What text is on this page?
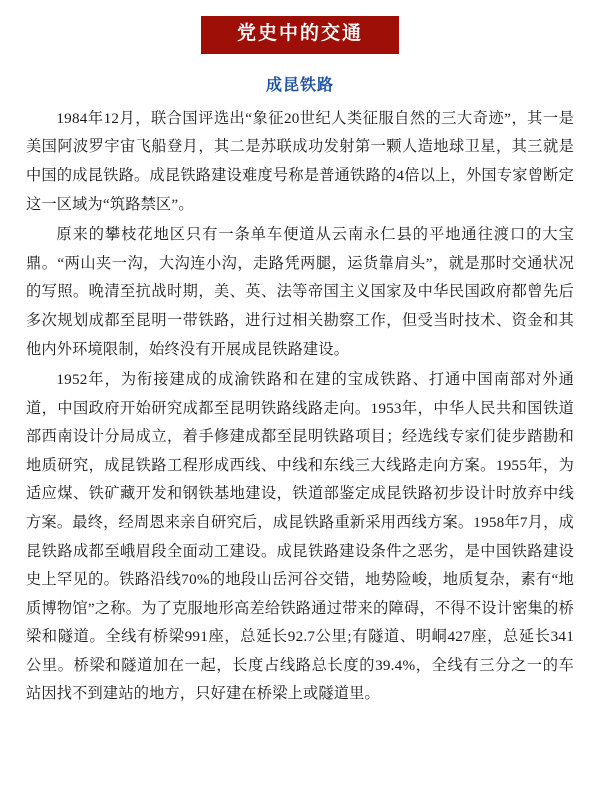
党史中的交通
成昆铁路

1984年12月，联合国评选出“象征20世纪人类征服自然的三大奇迹”，其一是美国阿波罗宇宙飞船登月，其二是苏联成功发射第一颗人造地球卫星，其三就是中国的成昆铁路。成昆铁路建设难度号称是普通铁路的4倍以上，外国专家曾断定这一区域为“筑路禁区”。

原来的攀枝花地区只有一条单车便道从云南永仁县的平地通往渡口的大宝鼎。“两山夹一沟，大沟连小沟，走路凭两腿，运货靠肩头”，就是那时交通状况的写照。晚清至抗战时期，美、英、法等帝国主义国家及中华民国政府都曾先后多次规划成都至昆明一带铁路，进行过相关勘察工作，但受当时技术、资金和其他内外环境限制，始终没有开展成昆铁路建设。

1952年，为衔接建成的成渝铁路和在建的宝成铁路、打通中国南部对外通道，中国政府开始研究成都至昆明铁路线路走向。1953年，中华人民共和国铁道部西南设计分局成立，着手修建成都至昆明铁路项目；经选线专家们徒步踏勘和地质研究，成昆铁路工程形成西线、中线和东线三大线路走向方案。1955年，为适应煤、铁矿藏开发和钢铁基地建设，铁道部鉴定成昆铁路初步设计时放弃中线方案。最终，经周恩来亲自研究后，成昆铁路重新采用西线方案。1958年7月，成昆铁路成都至峨眉段全面动工建设。成昆铁路建设条件之恶劣，是中国铁路建设史上罕见的。铁路沿线70%的地段山岳河谷交错，地势险峻，地质复杂，素有“地质博物馆”之称。为了克服地形高差给铁路通过带来的障碍，不得不设计密集的桥梁和隧道。全线有桥梁991座，总延长92.7公里;有隧道、明峒427座，总延长341公里。桥梁和隧道加在一起，长度占线路总长度的39.4%，全线有三分之一的车站因找不到建站的地方，只好建在桥梁上或隧道里。
